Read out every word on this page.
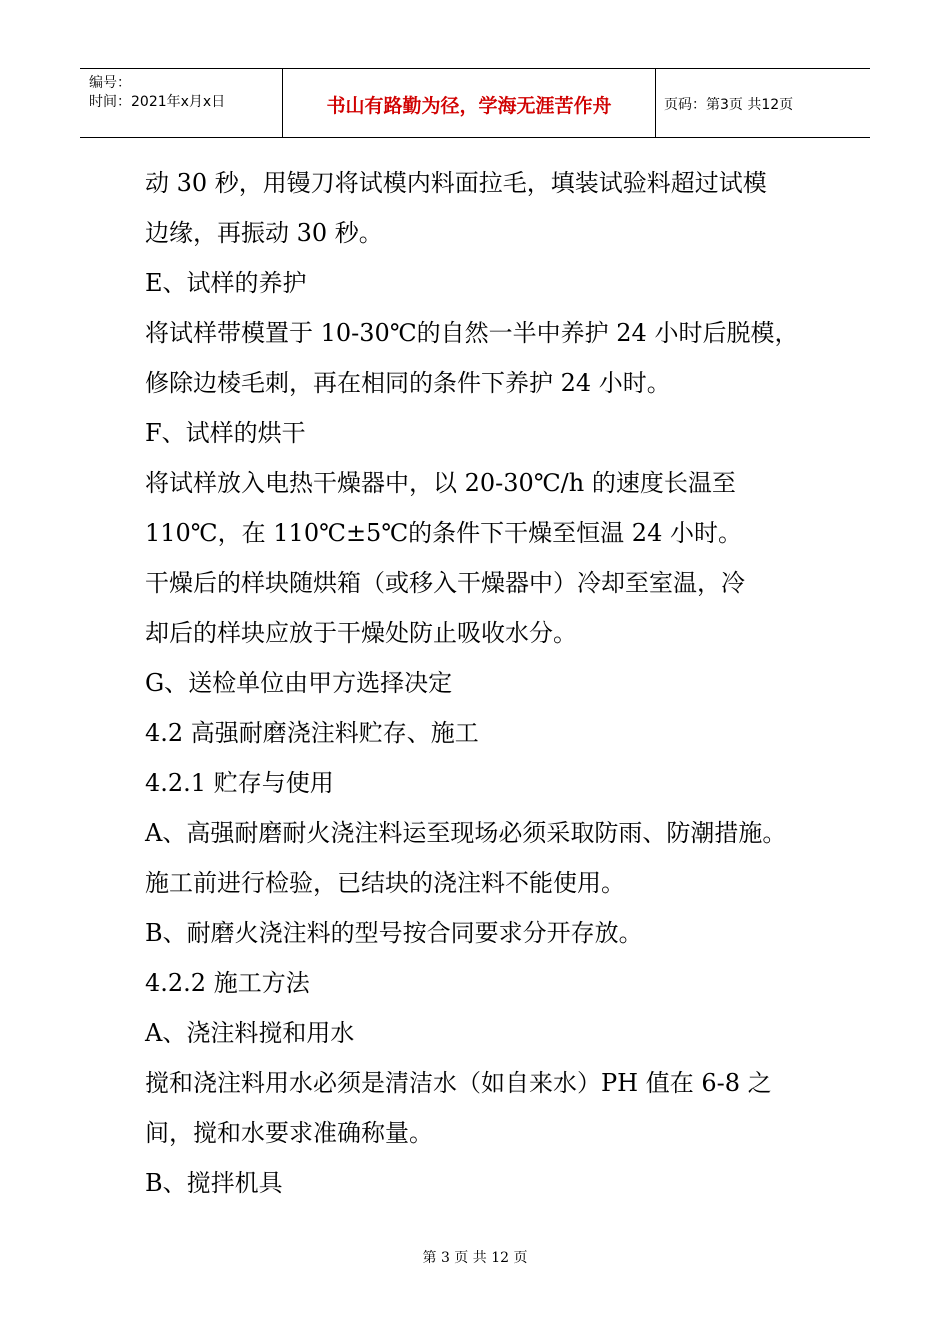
编号：
时间：2021年x月x日	书山有路勤为径，学海无涯苦作舟	页码：第3页 共12页
动 30 秒，用镘刀将试模内料面拉毛，填装试验料超过试模
边缘，再振动 30 秒。
E、试样的养护
将试样带模置于 10-30℃的自然一半中养护 24 小时后脱模，
修除边棱毛刺，再在相同的条件下养护 24 小时。
F、试样的烘干
将试样放入电热干燥器中，以 20-30℃/h 的速度长温至
110℃，在 110℃±5℃的条件下干燥至恒温 24 小时。
干燥后的样块随烘箱（或移入干燥器中）冷却至室温，冷
却后的样块应放于干燥处防止吸收水分。
G、送检单位由甲方选择决定
4.2 高强耐磨浇注料贮存、施工
4.2.1 贮存与使用
A、高强耐磨耐火浇注料运至现场必须采取防雨、防潮措施。
施工前进行检验，已结块的浇注料不能使用。
B、耐磨火浇注料的型号按合同要求分开存放。
4.2.2 施工方法
A、浇注料搅和用水
搅和浇注料用水必须是清洁水（如自来水）PH 值在 6-8 之
间，搅和水要求准确称量。
B、搅拌机具
第 3 页 共 12 页
